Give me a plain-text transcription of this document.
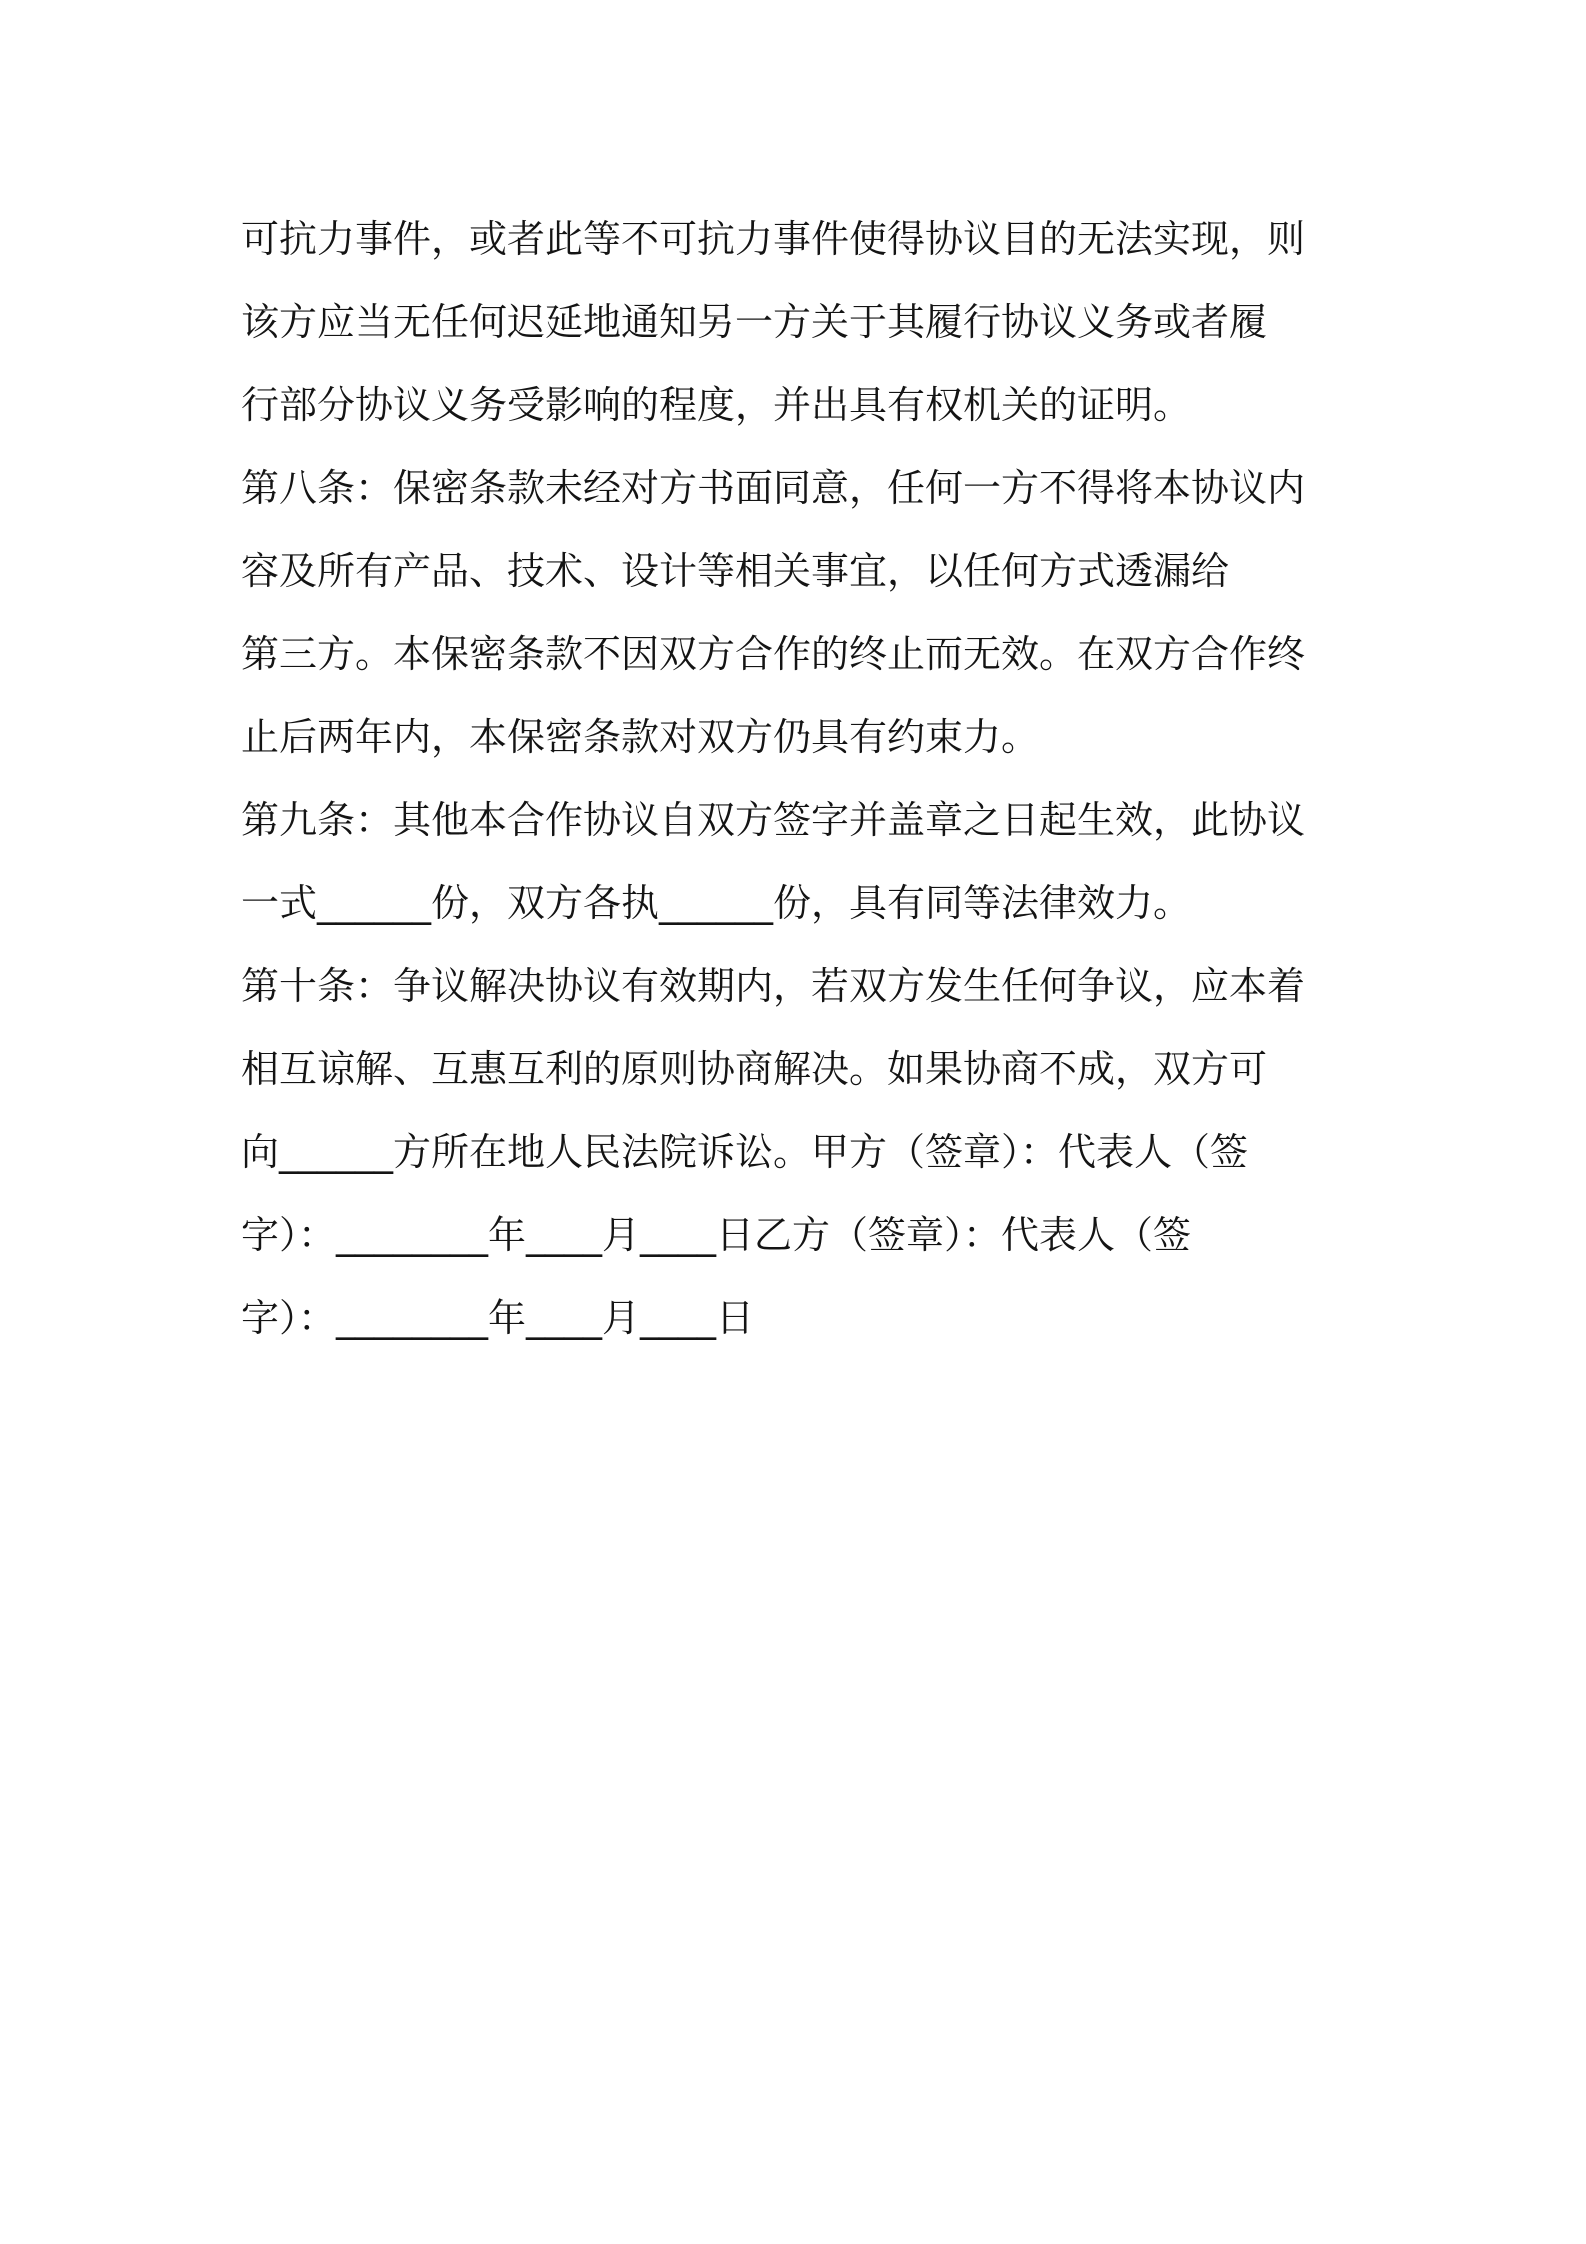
可抗力事件，或者此等不可抗力事件使得协议目的无法实现，则
该方应当无任何迟延地通知另一方关于其履行协议义务或者履
行部分协议义务受影响的程度，并出具有权机关的证明。
第八条：保密条款未经对方书面同意，任何一方不得将本协议内
容及所有产品、技术、设计等相关事宜，以任何方式透漏给
第三方。本保密条款不因双方合作的终止而无效。在双方合作终
止后两年内，本保密条款对双方仍具有约束力。
第九条：其他本合作协议自双方签字并盖章之日起生效，此协议
一式______份，双方各执______份，具有同等法律效力。
第十条：争议解决协议有效期内，若双方发生任何争议，应本着
相互谅解、互惠互利的原则协商解决。如果协商不成，双方可
向______方所在地人民法院诉讼。甲方（签章）：代表人（签
字）：________年____月____日乙方（签章）：代表人（签
字）：________年____月____日
